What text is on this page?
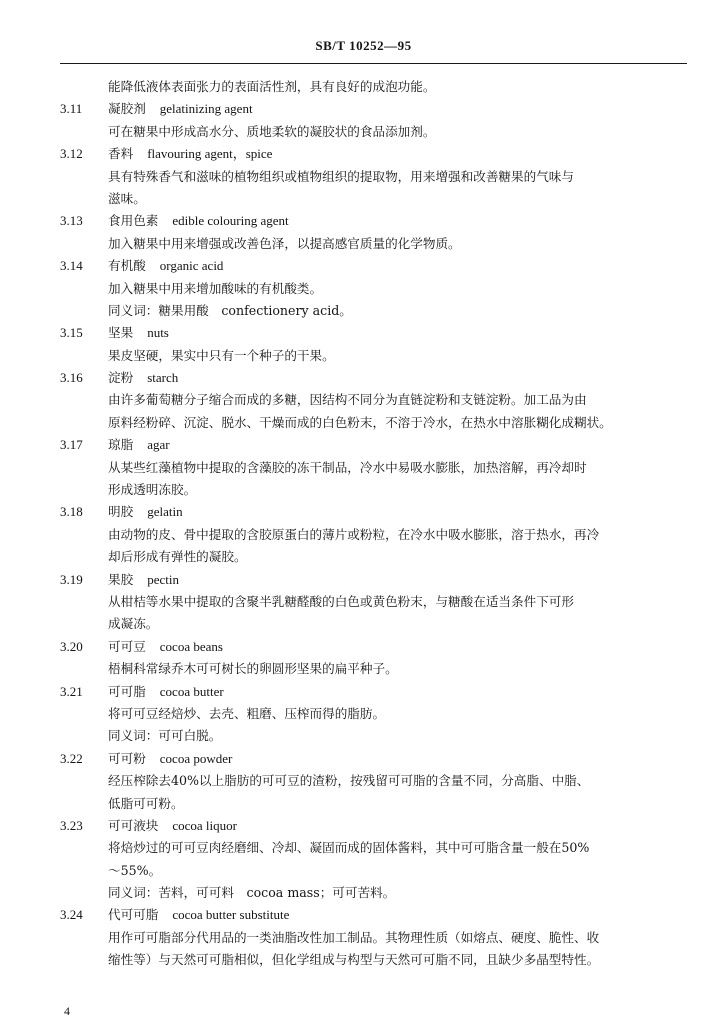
SB/T 10252—95
能降低液体表面张力的表面活性剂，具有良好的成泡功能。
3.11 凝胶剂 gelatinizing agent
可在糖果中形成高水分、质地柔软的凝胶状的食品添加剂。
3.12 香料 flavouring agent，spice
具有特殊香气和滋味的植物组织或植物组织的提取物，用来增强和改善糖果的气味与
滋味。
3.13 食用色素 edible colouring agent
加入糖果中用来增强或改善色泽，以提高感官质量的化学物质。
3.14 有机酸 organic acid
加入糖果中用来增加酸味的有机酸类。
同义词：糖果用酸　confectionery acid。
3.15 坚果 nuts
果皮坚硬，果实中只有一个种子的干果。
3.16 淀粉 starch
由许多葡萄糖分子缩合而成的多糖，因结构不同分为直链淀粉和支链淀粉。加工品为由
原料经粉碎、沉淀、脱水、干燥而成的白色粉末，不溶于冷水，在热水中溶胀糊化成糊状。
3.17 琼脂 agar
从某些红藻植物中提取的含藻胶的冻干制品，冷水中易吸水膨胀，加热溶解，再冷却时
形成透明冻胶。
3.18 明胶 gelatin
由动物的皮、骨中提取的含胶原蛋白的薄片或粉粒，在冷水中吸水膨胀，溶于热水，再冷
却后形成有弹性的凝胶。
3.19 果胶 pectin
从柑桔等水果中提取的含聚半乳糖醛酸的白色或黄色粉末，与糖酸在适当条件下可形
成凝冻。
3.20 可可豆 cocoa beans
梧桐科常绿乔木可可树长的卵圆形坚果的扁平种子。
3.21 可可脂 cocoa butter
将可可豆经焙炒、去壳、粗磨、压榨而得的脂肪。
同义词：可可白脱。
3.22 可可粉 cocoa powder
经压榨除去40%以上脂肪的可可豆的渣粉，按残留可可脂的含量不同，分高脂、中脂、
低脂可可粉。
3.23 可可液块 cocoa liquor
将焙炒过的可可豆肉经磨细、冷却、凝固而成的固体酱料，其中可可脂含量一般在50%
～55%。
同义词：苦料，可可料　cocoa mass；可可苦料。
3.24 代可可脂 cocoa butter substitute
用作可可脂部分代用品的一类油脂改性加工制品。其物理性质（如熔点、硬度、脆性、收
缩性等）与天然可可脂相似，但化学组成与构型与天然可可脂不同，且缺少多晶型特性。
4
